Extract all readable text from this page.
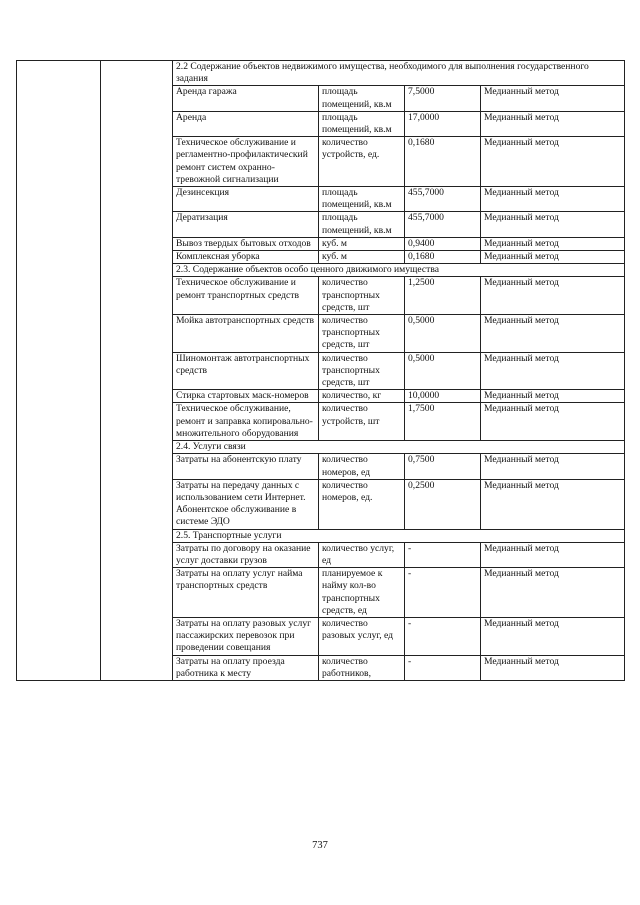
		2.2 Содержание объектов недвижимого имущества, необходимого для выполнения государственного задания			
		Аренда гаража	площадь помещений, кв.м	7,5000	Медианный метод
		Аренда	площадь помещений, кв.м	17,0000	Медианный метод
		Техническое обслуживание и регламентно-профилактический ремонт систем охранно-тревожной сигнализации	количество устройств, ед.	0,1680	Медианный метод
		Дезинсекция	площадь помещений, кв.м	455,7000	Медианный метод
		Дератизация	площадь помещений, кв.м	455,7000	Медианный метод
		Вывоз твердых бытовых отходов	куб. м	0,9400	Медианный метод
		Комплексная уборка	куб. м	0,1680	Медианный метод
		2.3. Содержание объектов особо ценного движимого имущества			
		Техническое обслуживание и ремонт транспортных средств	количество транспортных средств, шт	1,2500	Медианный метод
		Мойка автотранспортных средств	количество транспортных средств, шт	0,5000	Медианный метод
		Шиномонтаж автотранспортных средств	количество транспортных средств, шт	0,5000	Медианный метод
		Стирка стартовых маск-номеров	количество, кг	10,0000	Медианный метод
		Техническое обслуживание, ремонт и заправка копировально-множительного оборудования	количество устройств, шт	1,7500	Медианный метод
		2.4. Услуги связи			
		Затраты на абонентскую плату	количество номеров, ед	0,7500	Медианный метод
		Затраты на передачу данных с использованием сети Интернет. Абонентское обслуживание в системе ЭДО	количество номеров, ед.	0,2500	Медианный метод
		2.5. Транспортные услуги			
		Затраты по договору на оказание услуг доставки грузов	количество услуг, ед	-	Медианный метод
		Затраты на оплату услуг найма транспортных средств	планируемое к найму кол-во транспортных средств, ед	-	Медианный метод
		Затраты на оплату разовых услуг пассажирских перевозок при проведении совещания	количество разовых услуг, ед	-	Медианный метод
		Затраты на оплату проезда работника к месту	количество работников,	-	Медианный метод
737
